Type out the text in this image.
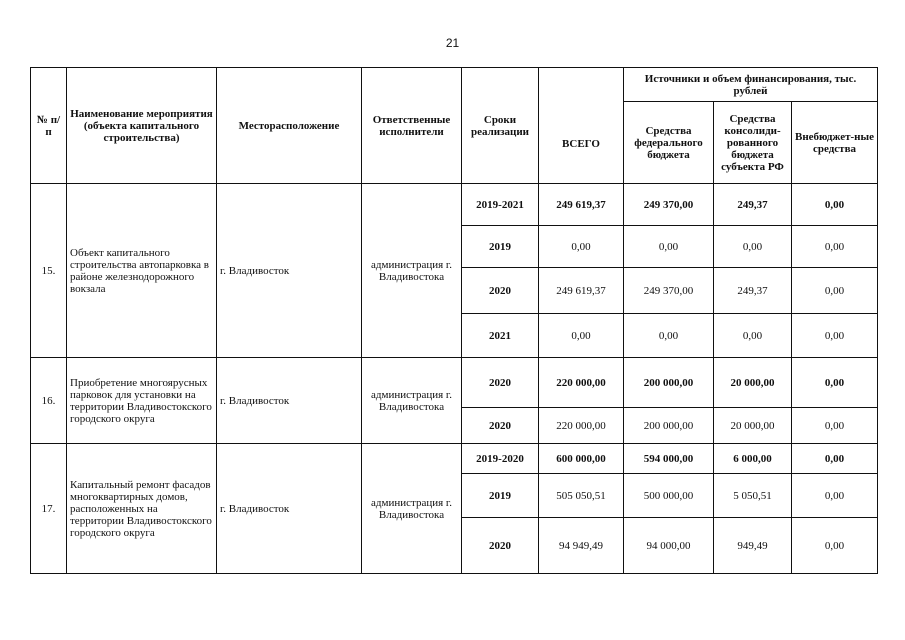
21
№ п/п	Наименование мероприятия (объекта капитального строительства)	Месторасположение	Ответственные исполнители	Сроки реализации	ВСЕГО	Источники и объем финансирования, тыс. рублей		
						Средства федерального бюджета	Средства консолиди-рованного бюджета субъекта РФ	Внебюджет-ные средства
15.	Объект капитального строительства автопарковка в районе железнодорожного вокзала	г. Владивосток	администрация г. Владивостока	2019-2021	249 619,37	249 370,00	249,37	0,00
				2019	0,00	0,00	0,00	0,00
				2020	249 619,37	249 370,00	249,37	0,00
				2021	0,00	0,00	0,00	0,00
16.	Приобретение многоярусных парковок для установки на территории Владивостокского городского округа	г. Владивосток	администрация г. Владивостока	2020	220 000,00	200 000,00	20 000,00	0,00
				2020	220 000,00	200 000,00	20 000,00	0,00
17.	Капитальный ремонт фасадов многоквартирных домов, расположенных на территории Владивостокского городского округа	г. Владивосток	администрация г. Владивостока	2019-2020	600 000,00	594 000,00	6 000,00	0,00
				2019	505 050,51	500 000,00	5 050,51	0,00
				2020	94 949,49	94 000,00	949,49	0,00
